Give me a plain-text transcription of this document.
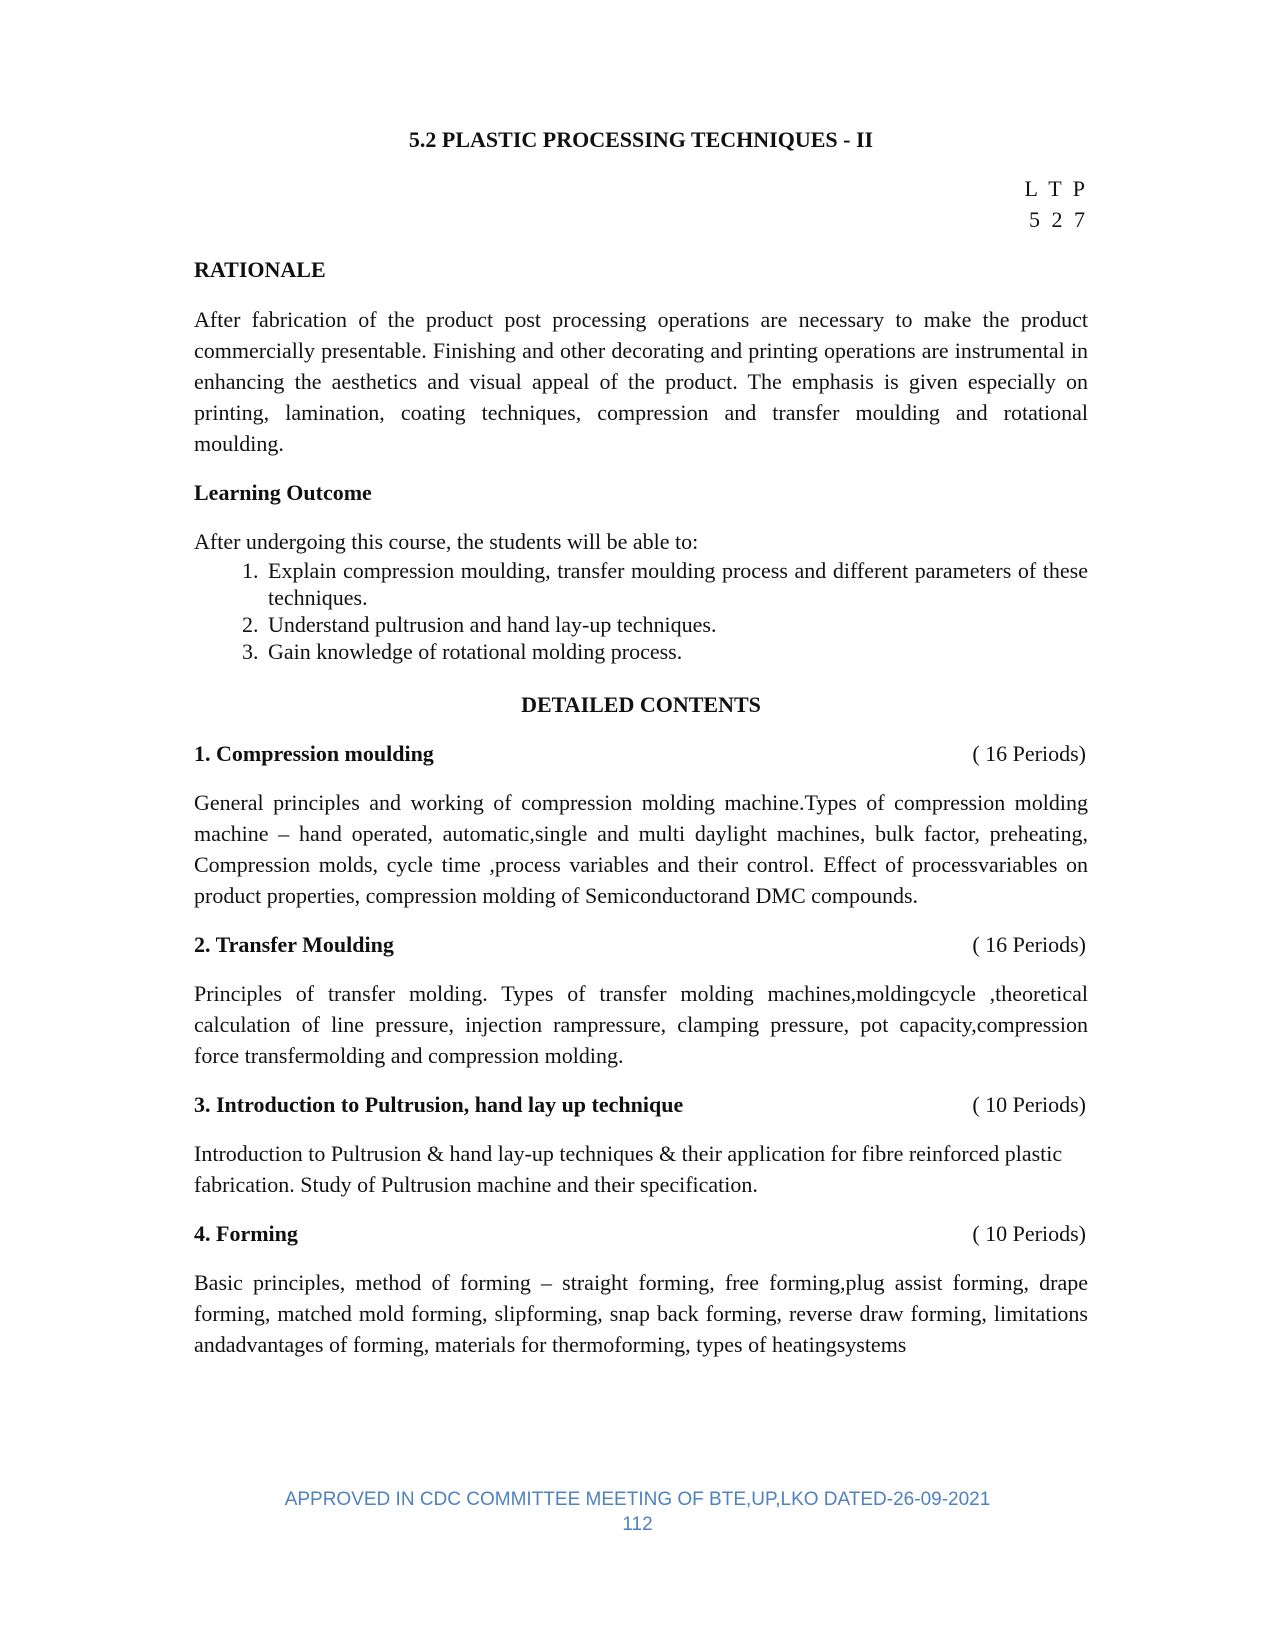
5.2 PLASTIC PROCESSING TECHNIQUES - II
L T P
5 2 7
RATIONALE

After fabrication of the product post processing operations are necessary to make the product commercially presentable. Finishing and other decorating and printing operations are instrumental in enhancing the aesthetics and visual appeal of the product. The emphasis is given especially on printing, lamination, coating techniques, compression and transfer moulding and rotational moulding.

Learning Outcome

After undergoing this course, the students will be able to:

1. Explain compression moulding, transfer moulding process and different parameters of these techniques.
2. Understand pultrusion and hand lay-up techniques.
3. Gain knowledge of rotational molding process.
DETAILED CONTENTS
1. Compression moulding	( 16 Periods)

General principles and working of compression molding machine.Types of compression molding machine – hand operated, automatic,single and multi daylight machines, bulk factor, preheating, Compression molds, cycle time ,process variables and their control. Effect of processvariables on product properties, compression molding of Semiconductorand DMC compounds.

2. Transfer Moulding	( 16 Periods)

Principles of transfer molding. Types of transfer molding machines,moldingcycle ,theoretical calculation of line pressure, injection rampressure, clamping pressure, pot capacity,compression force transfermolding and compression molding.

3. Introduction to Pultrusion, hand lay up technique	( 10 Periods)

Introduction to Pultrusion & hand lay-up techniques & their application for fibre reinforced plastic fabrication. Study of Pultrusion machine and their specification.

4. Forming	( 10 Periods)

Basic principles, method of forming – straight forming, free forming,plug assist forming, drape forming, matched mold forming, slipforming, snap back forming, reverse draw forming, limitations andadvantages of forming, materials for thermoforming, types of heatingsystems

APPROVED IN CDC COMMITTEE MEETING OF BTE,UP,LKO DATED-26-09-2021
112
